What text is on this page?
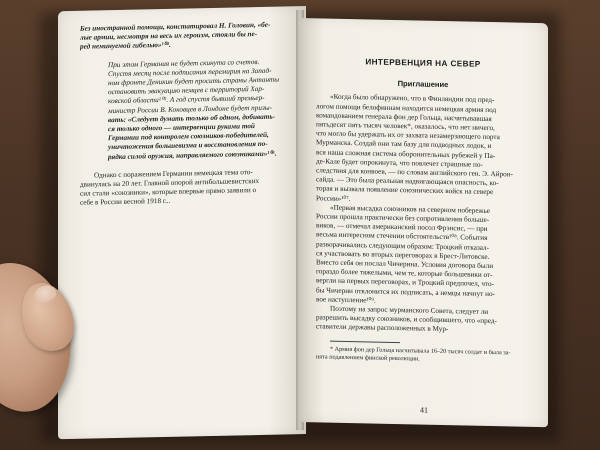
Без иностранной помощи, констатировал Н. Головин, «бе-
лые армии, несмотря на весь их героизм, стояли бы пе-
ред неминуемой гибелью»¹⁰⁴.
При этом Германия не будет скинута со счетов.
Спустя месяц после подписания перемирия на Запад-
ном фронте Деникин будет просить страны Антанты
остановить эвакуацию немцев с территорий Хар-
ковской области¹⁰⁵. А год спустя бывший премьер-
министр России В. Коковцев в Лондоне будет призы-
вать: «Следует думать только об одном, добивать-
ся только одного — интервенции руками той
Германии под контролем союзников-победителей,
уничтожения большевизма и восстановления по-
рядка силой оружия, направляемого союзниками»¹⁰⁶.
Однако с поражением Германии немецкая тема ото-
двинулась на 20 лет. Главной опорой антибольшевистских
сил стали «союзники», которые впервые прямо заявили о
себе в России весной 1918 г...
ИНТЕРВЕНЦИЯ НА СЕВЕР
Приглашение
«Когда было обнаружено, что в Финляндии под пред-
логом помощи белофиннам находится немецкая армия под
командованием генерала фон дер Гольца, насчитывавшая
пятьдесят пять тысяч человек*, оказалось, что нет ничего,
что могло бы удержать их от захвата незамерзающего порта
Мурманска. Создай они там базу для подводных лодок, и
вся наша сложная система оборонительных рубежей у Па-
де-Кале будет опрокинута, что повлечет страшные по-
следствия для конвоев, — по словам английского ген. Э. Айрон-
сайда. — Это была реальная надвигающаяся опасность, ко-
торая и вызвала появление союзнических войск на севере
России»¹⁰⁷.
«Первая высадка союзников на северном побережье
России прошла практически без сопротивления больше-
виков, — отмечал американский посол Фрэнсис, — при
весьма интересном стечении обстоятельств¹⁰⁸. События
разворачивались следующим образом: Троцкий отказал-
ся участвовать во вторых переговорах в Брест-Литовске.
Вместо себя он послал Чичерина. Условия договора были
гораздо более тяжелыми, чем те, которые большевики от-
вергли на первых переговорах, и Троцкий предпочел, что-
бы Чичерин отклонится их подписать, а немцы начнут но-
вое наступление¹⁰⁹.
Поэтому на запрос мурманского Совета, следует ли
разрешить высадку союзников, и сообщившего, что «пред-
ставители державы расположенных в Мур-
* Армия фон дер Гольца насчитывала 16–20 тысяч солдат и была за-
нята подавлением финской революции.
41
